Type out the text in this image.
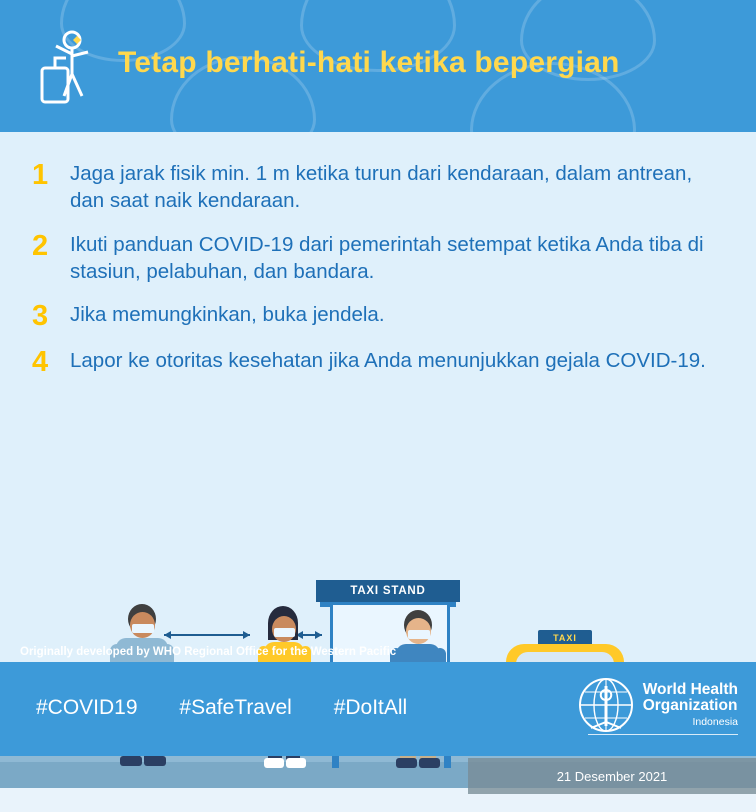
Tetap berhati-hati ketika bepergian
1	Jaga jarak fisik min. 1 m ketika turun dari kendaraan, dalam antrean, dan saat naik kendaraan.
2	Ikuti panduan COVID-19 dari pemerintah setempat ketika Anda tiba di stasiun, pelabuhan, dan bandara.
3	Jika memungkinkan, buka jendela.
4	Lapor ke otoritas kesehatan jika Anda menunjukkan gejala COVID-19.
TAXI STAND
TAXI
21 Desember 2021
Originally developed by WHO Regional Office for the Western Pacific
#COVID19 #SafeTravel #DoItAll
World Health
Organization
Indonesia
